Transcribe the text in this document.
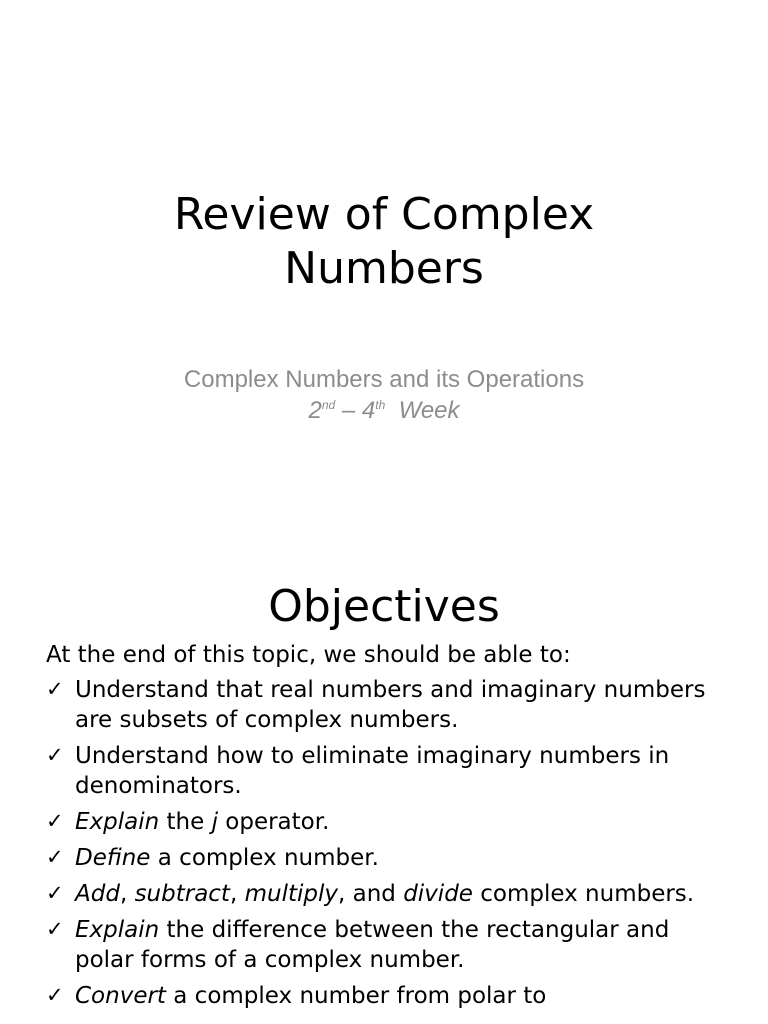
Review of Complex
Numbers
Complex Numbers and its Operations
2nd – 4th Week
Objectives
At the end of this topic, we should be able to:
✓ Understand that real numbers and imaginary numbers are subsets of complex numbers.
✓ Understand how to eliminate imaginary numbers in denominators.
✓ Explain the j operator.
✓ Define a complex number.
✓ Add, subtract, multiply, and divide complex numbers.
✓ Explain the difference between the rectangular and polar forms of a complex number.
✓ Convert a complex number from polar to
